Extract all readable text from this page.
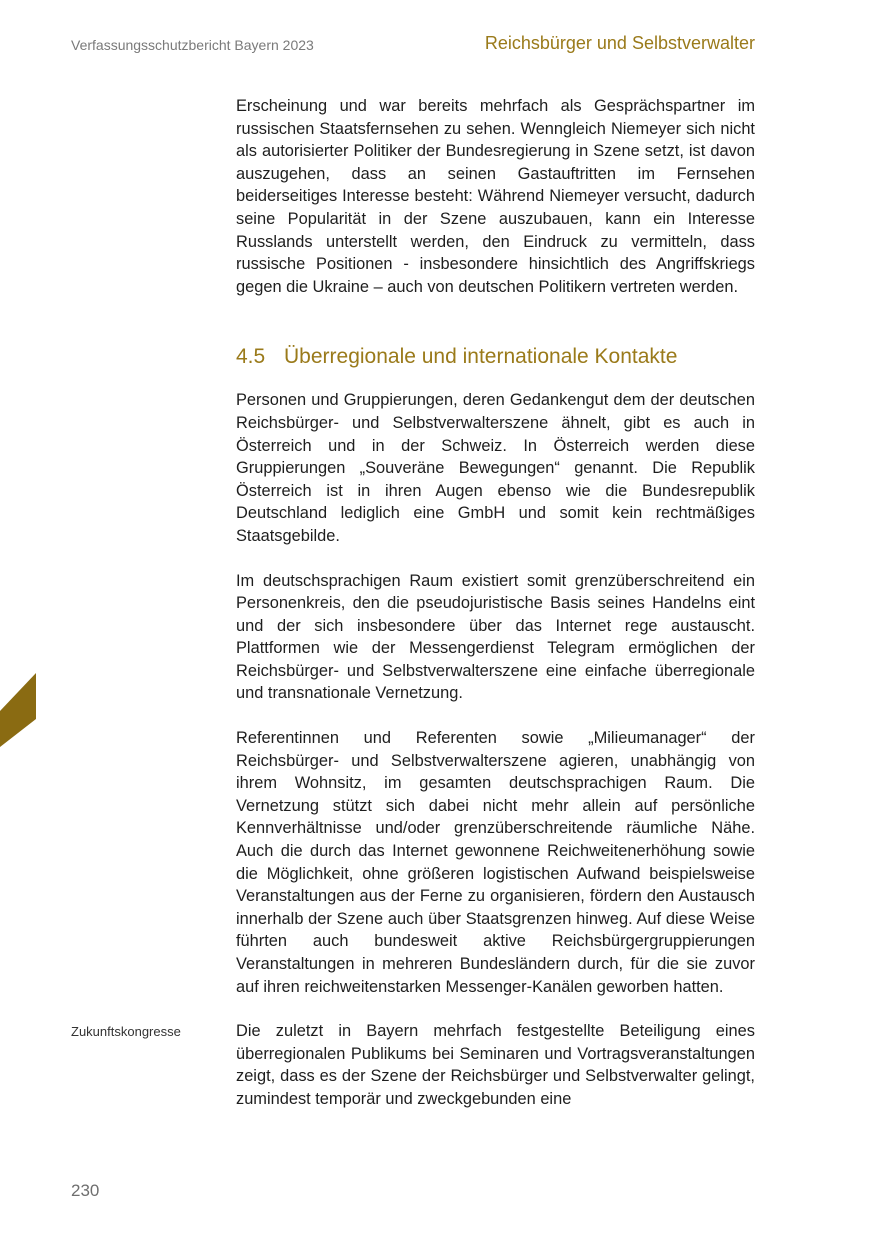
Verfassungsschutzbericht Bayern 2023	Reichsbürger und Selbstverwalter

Erscheinung und war bereits mehrfach als Gesprächspartner im russischen Staatsfernsehen zu sehen. Wenngleich Niemeyer sich nicht als autorisierter Politiker der Bundesregierung in Szene setzt, ist davon auszugehen, dass an seinen Gastauftritten im Fernsehen beiderseitiges Interesse besteht: Während Niemeyer versucht, dadurch seine Popularität in der Szene auszubauen, kann ein Interesse Russlands unterstellt werden, den Eindruck zu vermitteln, dass russische Positionen - insbesondere hinsichtlich des Angriffskriegs gegen die Ukraine – auch von deutschen Politikern vertreten werden.

4.5 Überregionale und internationale Kontakte

Personen und Gruppierungen, deren Gedankengut dem der deutschen Reichsbürger- und Selbstverwalterszene ähnelt, gibt es auch in Österreich und in der Schweiz. In Österreich werden diese Gruppierungen „Souveräne Bewegungen“ genannt. Die Republik Österreich ist in ihren Augen ebenso wie die Bundesrepublik Deutschland lediglich eine GmbH und somit kein rechtmäßiges Staatsgebilde.

Im deutschsprachigen Raum existiert somit grenzüberschreitend ein Personenkreis, den die pseudojuristische Basis seines Handelns eint und der sich insbesondere über das Internet rege austauscht. Plattformen wie der Messengerdienst Telegram ermöglichen der Reichsbürger- und Selbstverwalterszene eine einfache überregionale und transnationale Vernetzung.

Referentinnen und Referenten sowie „Milieumanager“ der Reichsbürger- und Selbstverwalterszene agieren, unabhängig von ihrem Wohnsitz, im gesamten deutschsprachigen Raum. Die Vernetzung stützt sich dabei nicht mehr allein auf persönliche Kennverhältnisse und/oder grenzüberschreitende räumliche Nähe. Auch die durch das Internet gewonnene Reichweitenerhöhung sowie die Möglichkeit, ohne größeren logistischen Aufwand beispielsweise Veranstaltungen aus der Ferne zu organisieren, fördern den Austausch innerhalb der Szene auch über Staatsgrenzen hinweg. Auf diese Weise führten auch bundesweit aktive Reichsbürgergruppierungen Veranstaltungen in mehreren Bundesländern durch, für die sie zuvor auf ihren reichweitenstarken Messenger-Kanälen geworben hatten.

Die zuletzt in Bayern mehrfach festgestellte Beteiligung eines überregionalen Publikums bei Seminaren und Vortragsveranstaltungen zeigt, dass es der Szene der Reichsbürger und Selbstverwalter gelingt, zumindest temporär und zweckgebunden eine

Zukunftskongresse
230
